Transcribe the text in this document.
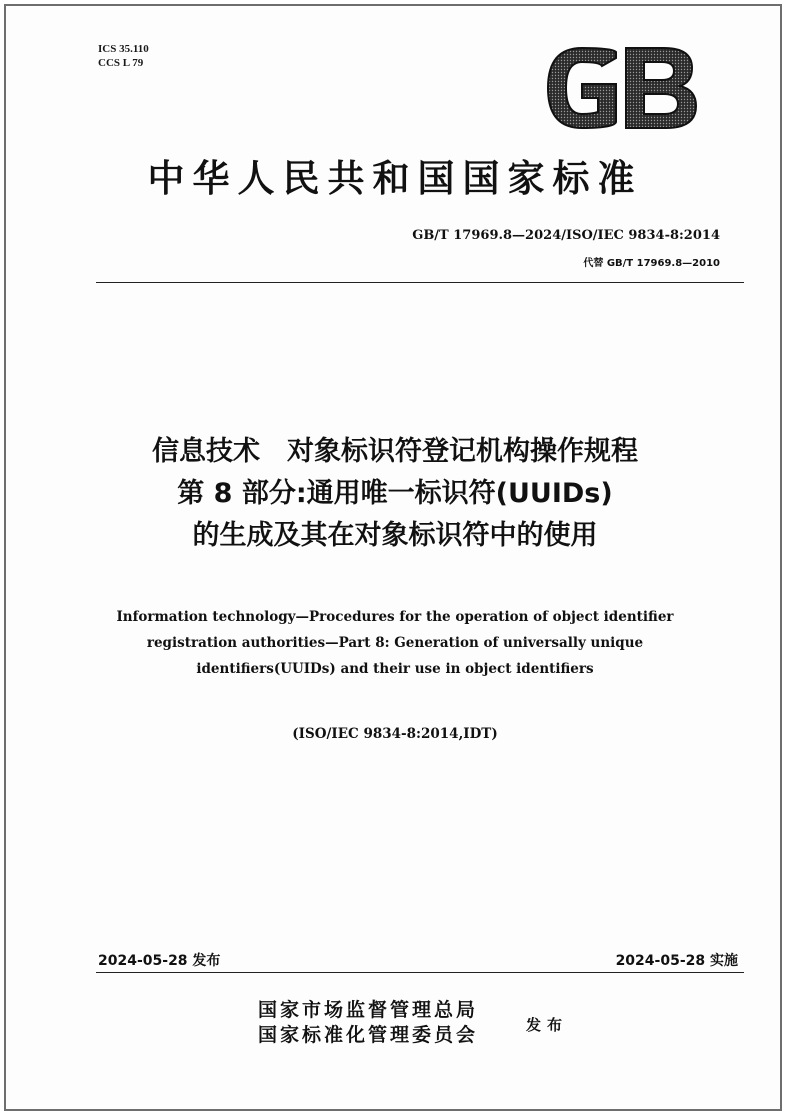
ICS 35.110
CCS L 79
GB
中华人民共和国国家标准
GB/T 17969.8—2024/ISO/IEC 9834-8:2014
代替 GB/T 17969.8—2010
信息技术　对象标识符登记机构操作规程
第 8 部分:通用唯一标识符(UUIDs)
的生成及其在对象标识符中的使用
Information technology—Procedures for the operation of object identifier
registration authorities—Part 8: Generation of universally unique
identifiers(UUIDs) and their use in object identifiers
(ISO/IEC 9834-8:2014,IDT)
2024-05-28 发布	2024-05-28 实施
国家市场监督管理总局
国家标准化管理委员会	发布
